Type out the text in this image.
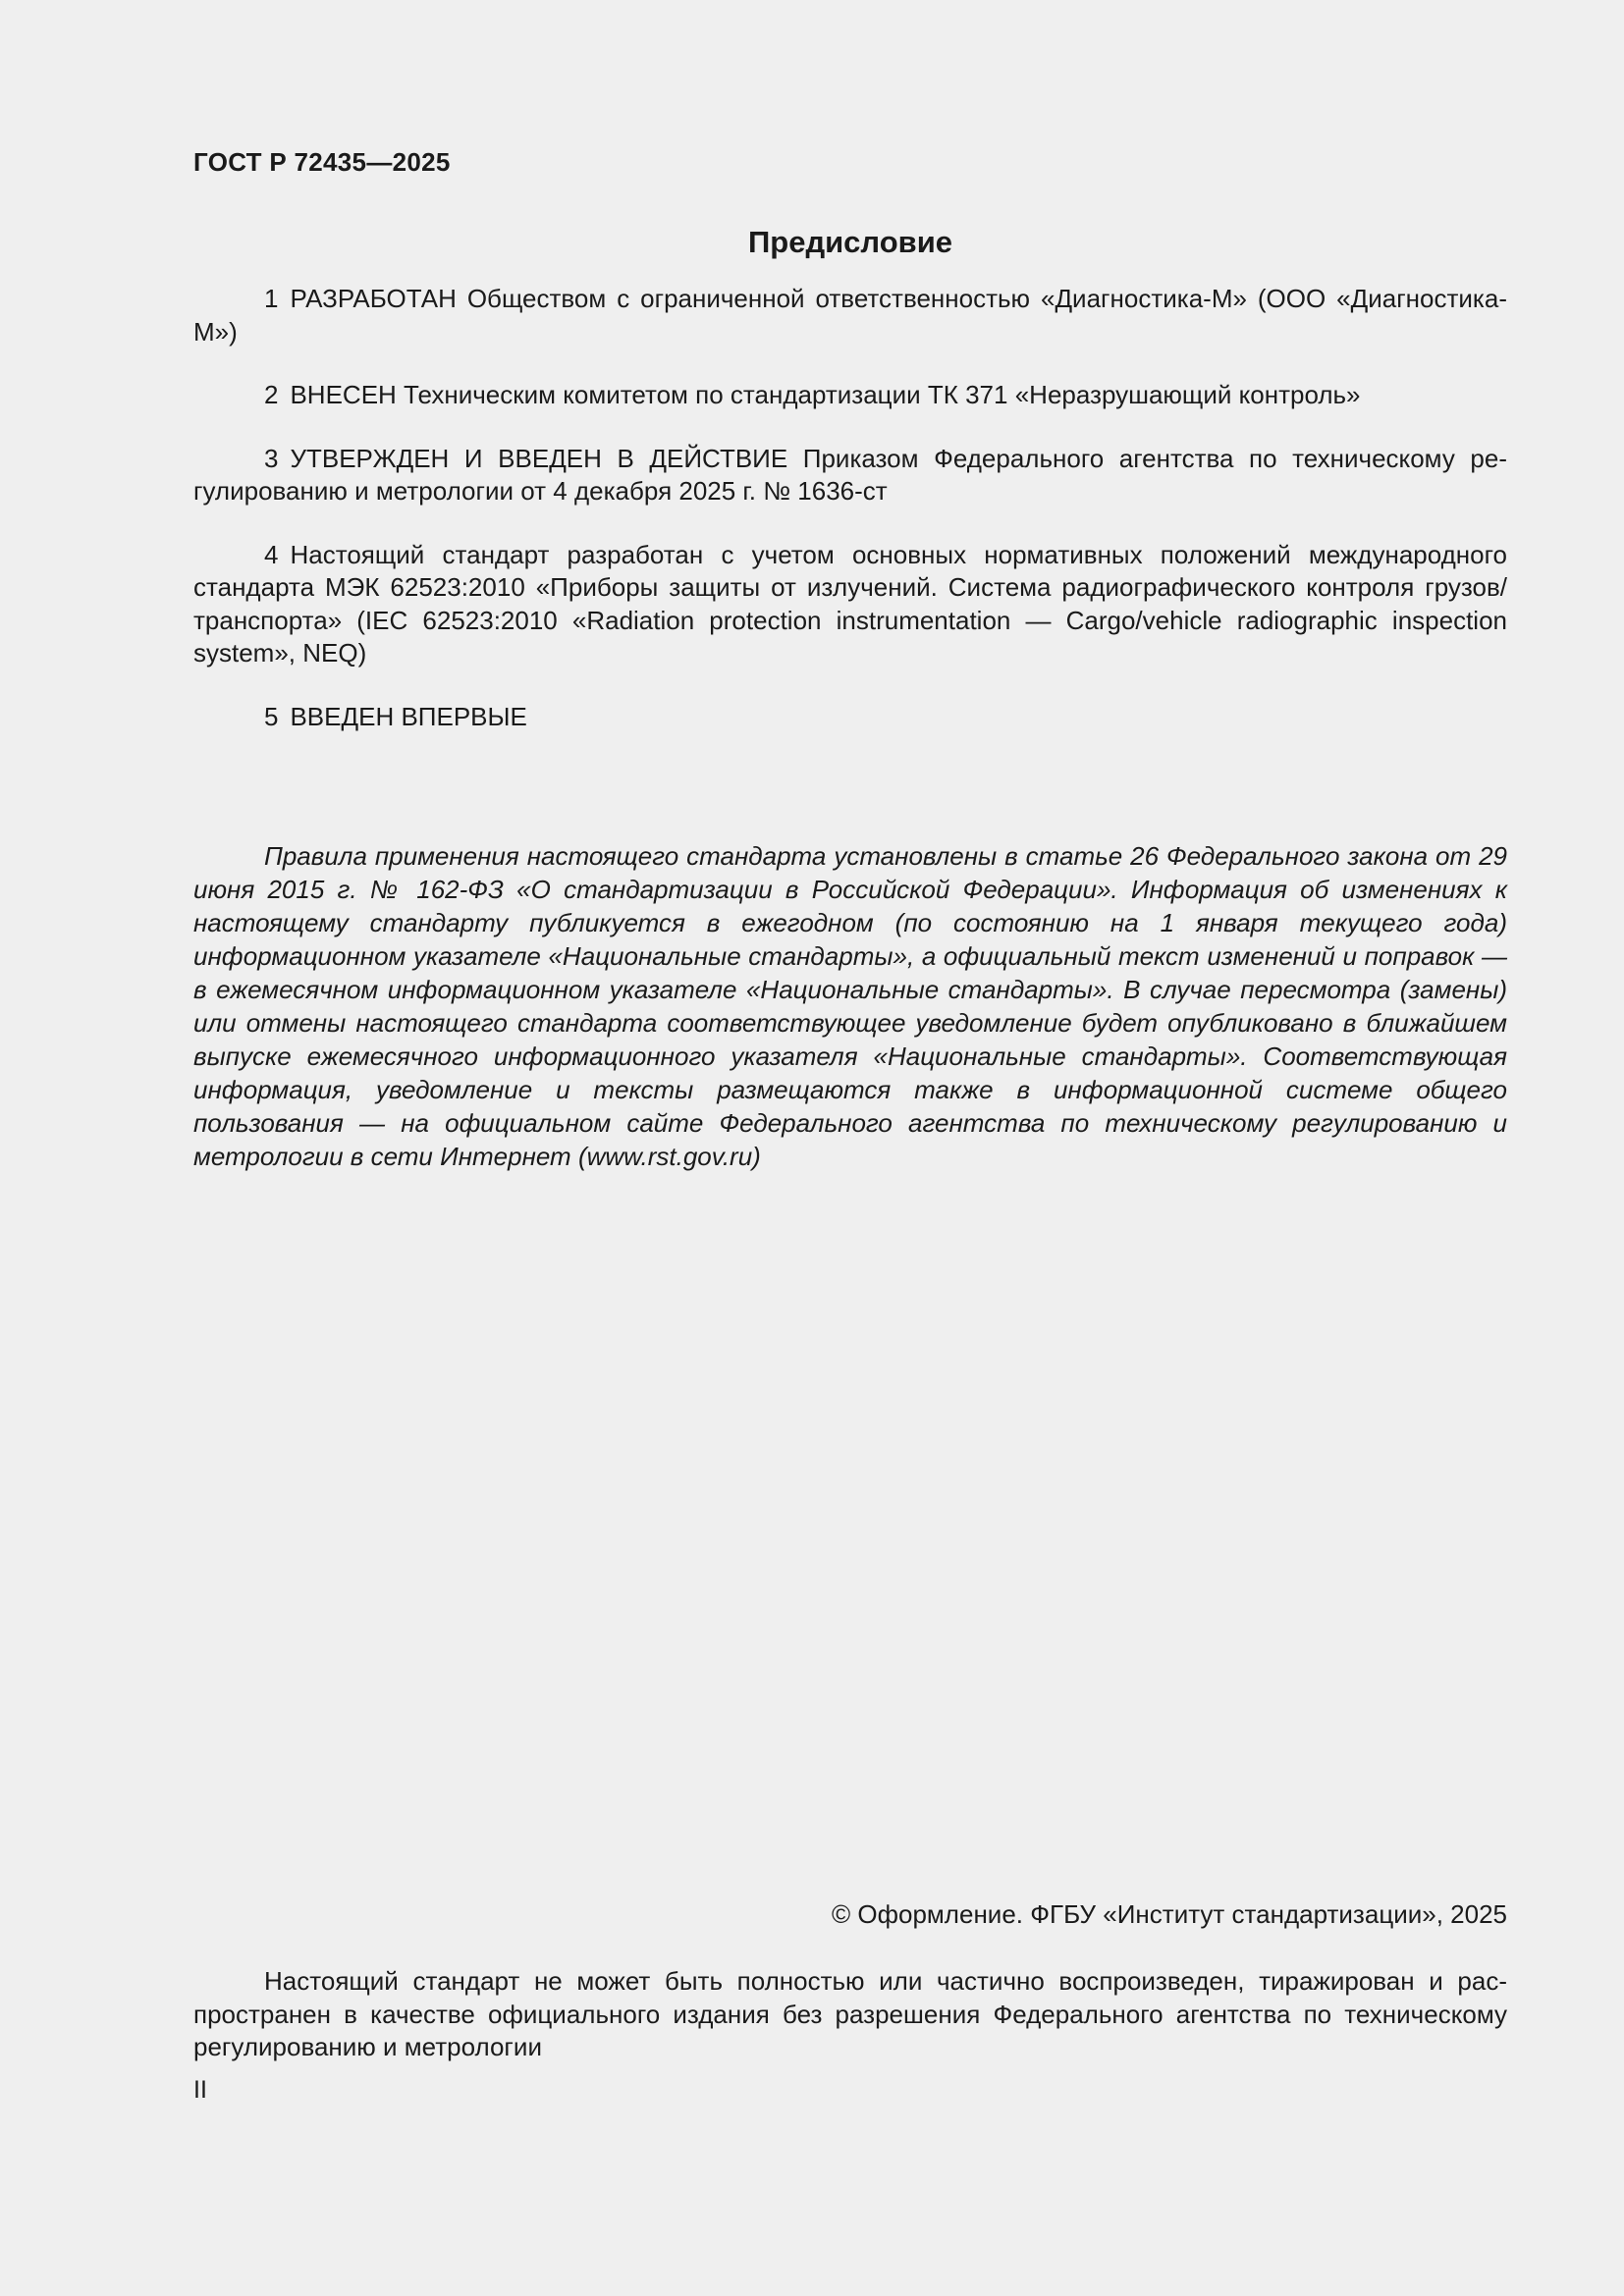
ГОСТ Р 72435—2025
Предисловие

1 РАЗРАБОТАН Обществом с ограниченной ответственностью «Диагностика-М» (ООО «Диагностика-М»)

2 ВНЕСЕН Техническим комитетом по стандартизации ТК 371 «Неразрушающий контроль»

3 УТВЕРЖДЕН И ВВЕДЕН В ДЕЙСТВИЕ Приказом Федерального агентства по техническому регулированию и метрологии от 4 декабря 2025 г. № 1636-ст

4 Настоящий стандарт разработан с учетом основных нормативных положений международного стандарта МЭК 62523:2010 «Приборы защиты от излучений. Система радиографического контроля грузов/транспорта» (IEC 62523:2010 «Radiation protection instrumentation — Cargo/vehicle radiographic inspection system», NEQ)

5 ВВЕДЕН ВПЕРВЫЕ

Правила применения настоящего стандарта установлены в статье 26 Федерального закона от 29 июня 2015 г. № 162-ФЗ «О стандартизации в Российской Федерации». Информация об изменениях к настоящему стандарту публикуется в ежегодном (по состоянию на 1 января текущего года) информационном указателе «Национальные стандарты», а официальный текст изменений и поправок — в ежемесячном информационном указателе «Национальные стандарты». В случае пересмотра (замены) или отмены настоящего стандарта соответствующее уведомление будет опубликовано в ближайшем выпуске ежемесячного информационного указателя «Национальные стандарты». Соответствующая информация, уведомление и тексты размещаются также в информационной системе общего пользования — на официальном сайте Федерального агентства по техническому регулированию и метрологии в сети Интернет (www.rst.gov.ru)

© Оформление. ФГБУ «Институт стандартизации», 2025

Настоящий стандарт не может быть полностью или частично воспроизведен, тиражирован и распространен в качестве официального издания без разрешения Федерального агентства по техническому регулированию и метрологии

II
